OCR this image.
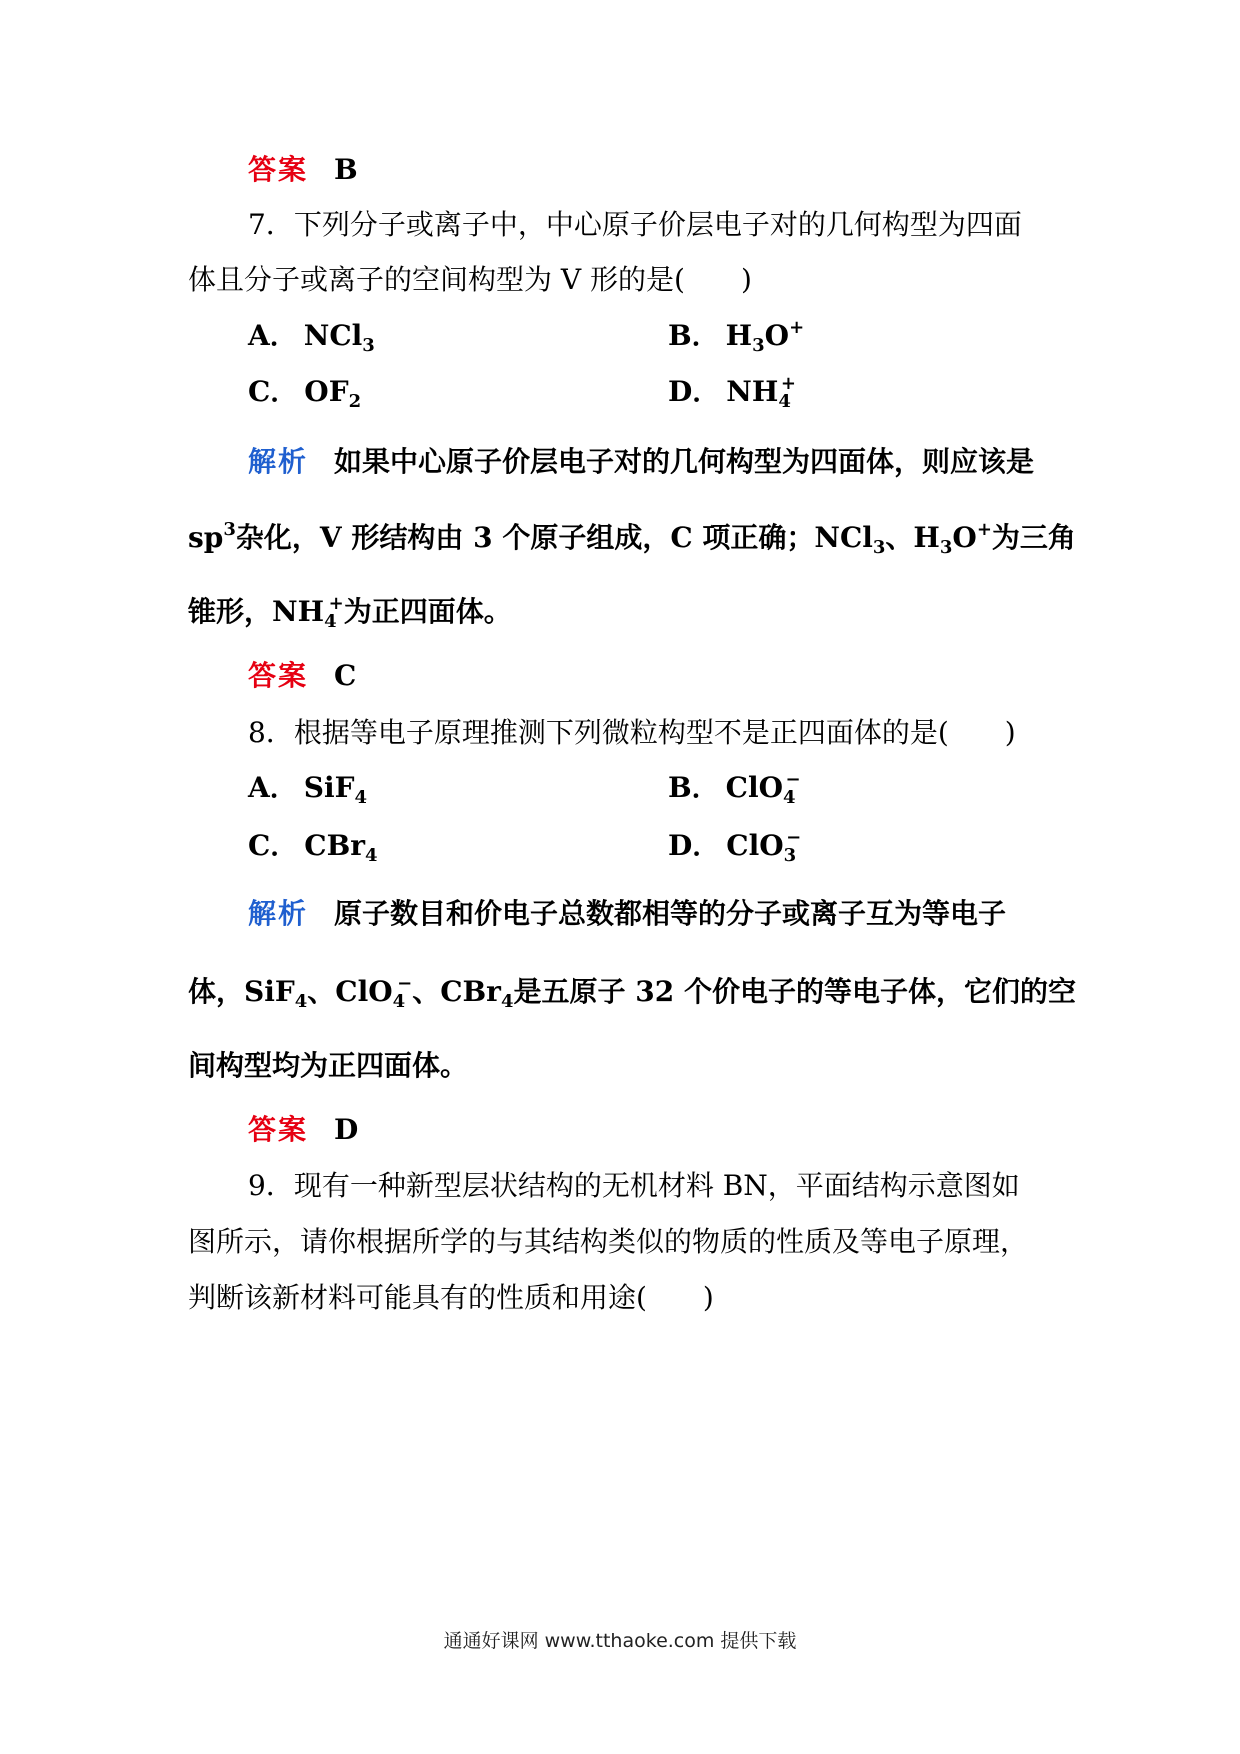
答案 B
7．下列分子或离子中，中心原子价层电子对的几何构型为四面
体且分子或离子的空间构型为 V 形的是(　　)
A． NCl$_3$	B． $H_3O^+$
C． $OF_2$	D． $NH_4^+$
解析 如果中心原子价层电子对的几何构型为四面体，则应该是
$sp^3$杂化，V 形结构由 3 个原子组成，C 项正确；NCl$_3$、$H_3O^+$为三角
锥形，$NH_4^+$为正四面体。
答案 C
8．根据等电子原理推测下列微粒构型不是正四面体的是(　　)
A． SiF$_4$	B． ClO$_4$−
C． CBr$_4$	D． ClO$_3$−
解析 原子数目和价电子总数都相等的分子或离子互为等电子
体，SiF$_4$、ClO$_4$−、CBr$_4$是五原子 32 个价电子的等电子体，它们的空
间构型均为正四面体。
答案 D
9．现有一种新型层状结构的无机材料 BN，平面结构示意图如
图所示，请你根据所学的与其结构类似的物质的性质及等电子原理，
判断该新材料可能具有的性质和用途(　　)
通通好课网 www.tthaoke.com 提供下载
